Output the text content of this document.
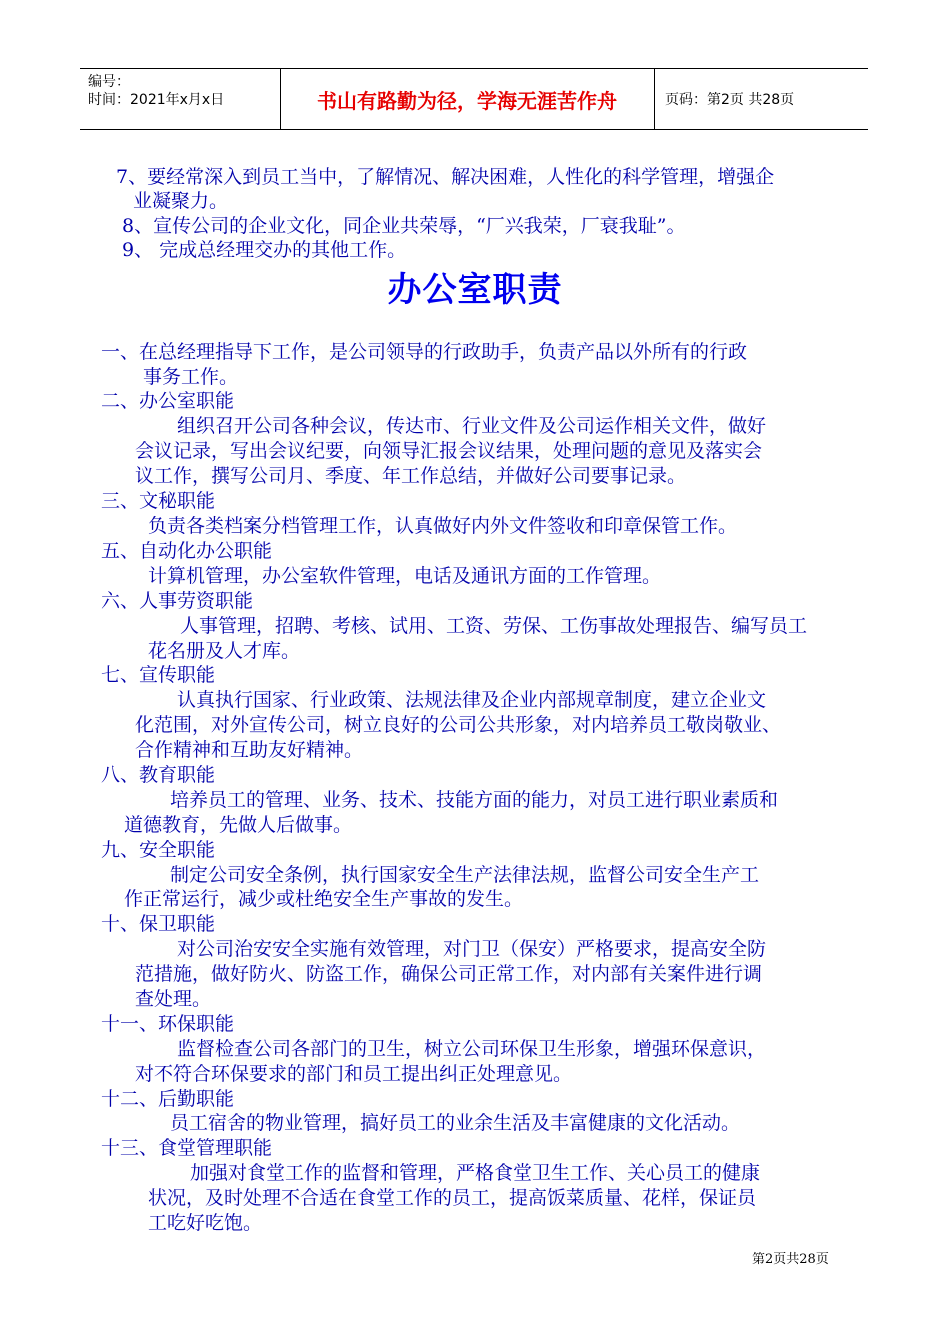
编号：
时间：2021年x月x日	书山有路勤为径，学海无涯苦作舟	页码：第2页 共28页
7、要经常深入到员工当中，了解情况、解决困难，人性化的科学管理，增强企
业凝聚力。
8、宣传公司的企业文化，同企业共荣辱，“厂兴我荣，厂衰我耻”。
9、 完成总经理交办的其他工作。
办公室职责
一、在总经理指导下工作，是公司领导的行政助手，负责产品以外所有的行政
事务工作。
二、办公室职能
组织召开公司各种会议，传达市、行业文件及公司运作相关文件，做好
会议记录，写出会议纪要，向领导汇报会议结果，处理问题的意见及落实会
议工作，撰写公司月、季度、年工作总结，并做好公司要事记录。
三、文秘职能
负责各类档案分档管理工作，认真做好内外文件签收和印章保管工作。
五、自动化办公职能
计算机管理，办公室软件管理，电话及通讯方面的工作管理。
六、人事劳资职能
人事管理，招聘、考核、试用、工资、劳保、工伤事故处理报告、编写员工
花名册及人才库。
七、宣传职能
认真执行国家、行业政策、法规法律及企业内部规章制度，建立企业文
化范围，对外宣传公司，树立良好的公司公共形象，对内培养员工敬岗敬业、
合作精神和互助友好精神。
八、教育职能
培养员工的管理、业务、技术、技能方面的能力，对员工进行职业素质和
道德教育，先做人后做事。
九、安全职能
制定公司安全条例，执行国家安全生产法律法规，监督公司安全生产工
作正常运行，减少或杜绝安全生产事故的发生。
十、保卫职能
对公司治安安全实施有效管理，对门卫（保安）严格要求，提高安全防
范措施，做好防火、防盗工作，确保公司正常工作，对内部有关案件进行调
查处理。
十一、环保职能
监督检查公司各部门的卫生，树立公司环保卫生形象，增强环保意识，
对不符合环保要求的部门和员工提出纠正处理意见。
十二、后勤职能
员工宿舍的物业管理，搞好员工的业余生活及丰富健康的文化活动。
十三、食堂管理职能
加强对食堂工作的监督和管理，严格食堂卫生工作、关心员工的健康
状况，及时处理不合适在食堂工作的员工，提高饭菜质量、花样，保证员
工吃好吃饱。
第2页共28页
